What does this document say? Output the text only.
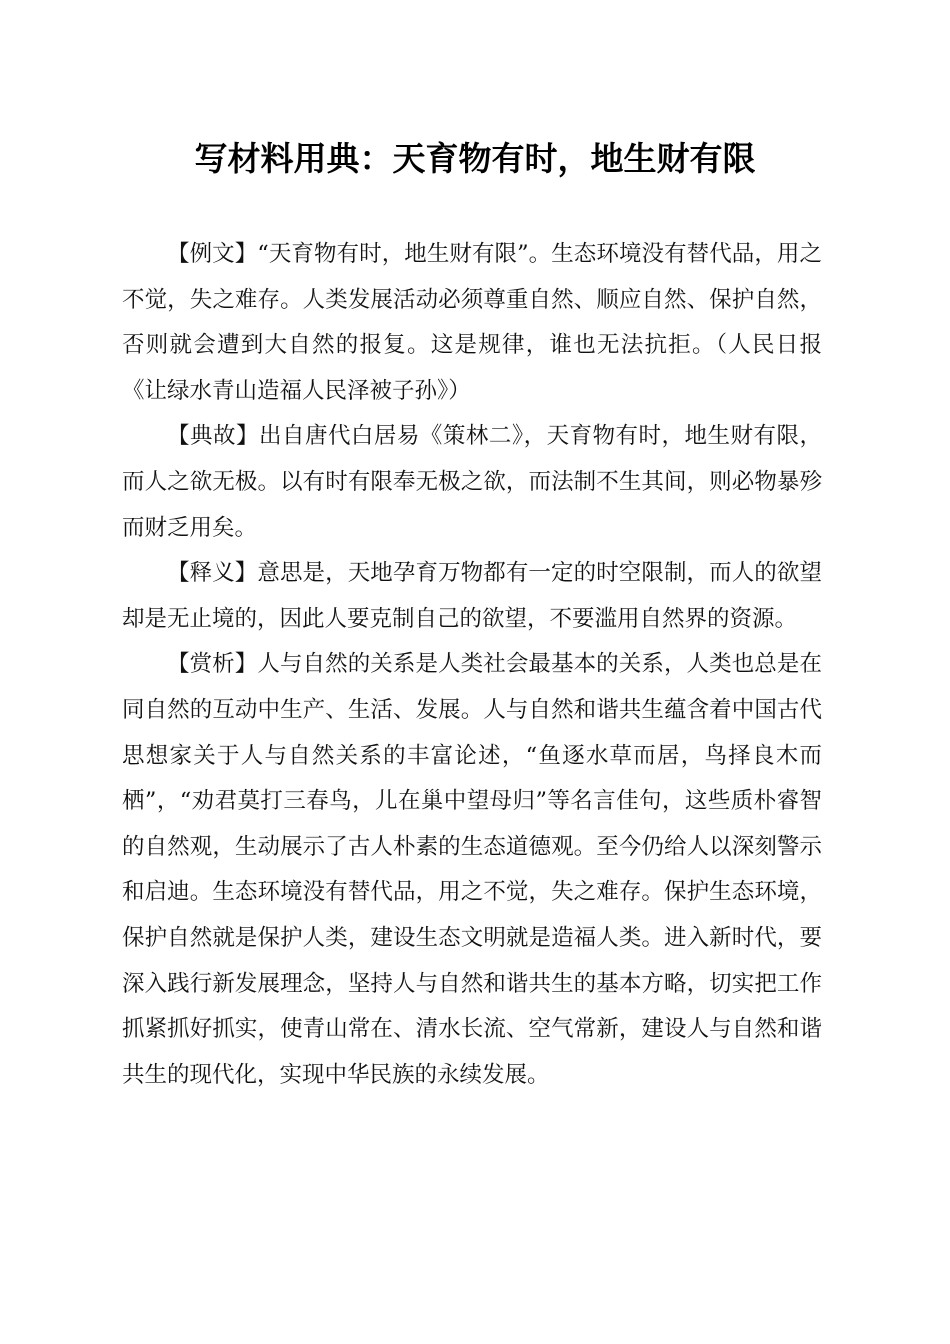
写材料用典：天育物有时，地生财有限

【例文】“天育物有时，地生财有限”。生态环境没有替代品，用之不觉，失之难存。人类发展活动必须尊重自然、顺应自然、保护自然，否则就会遭到大自然的报复。这是规律，谁也无法抗拒。（人民日报《让绿水青山造福人民泽被子孙》）

【典故】出自唐代白居易《策林二》，天育物有时，地生财有限，而人之欲无极。以有时有限奉无极之欲，而法制不生其间，则必物暴殄而财乏用矣。

【释义】意思是，天地孕育万物都有一定的时空限制，而人的欲望却是无止境的，因此人要克制自己的欲望，不要滥用自然界的资源。

【赏析】人与自然的关系是人类社会最基本的关系，人类也总是在同自然的互动中生产、生活、发展。人与自然和谐共生蕴含着中国古代思想家关于人与自然关系的丰富论述，“鱼逐水草而居，鸟择良木而栖”，“劝君莫打三春鸟，儿在巢中望母归”等名言佳句，这些质朴睿智的自然观，生动展示了古人朴素的生态道德观。至今仍给人以深刻警示和启迪。生态环境没有替代品，用之不觉，失之难存。保护生态环境，保护自然就是保护人类，建设生态文明就是造福人类。进入新时代，要深入践行新发展理念，坚持人与自然和谐共生的基本方略，切实把工作抓紧抓好抓实，使青山常在、清水长流、空气常新，建设人与自然和谐共生的现代化，实现中华民族的永续发展。
